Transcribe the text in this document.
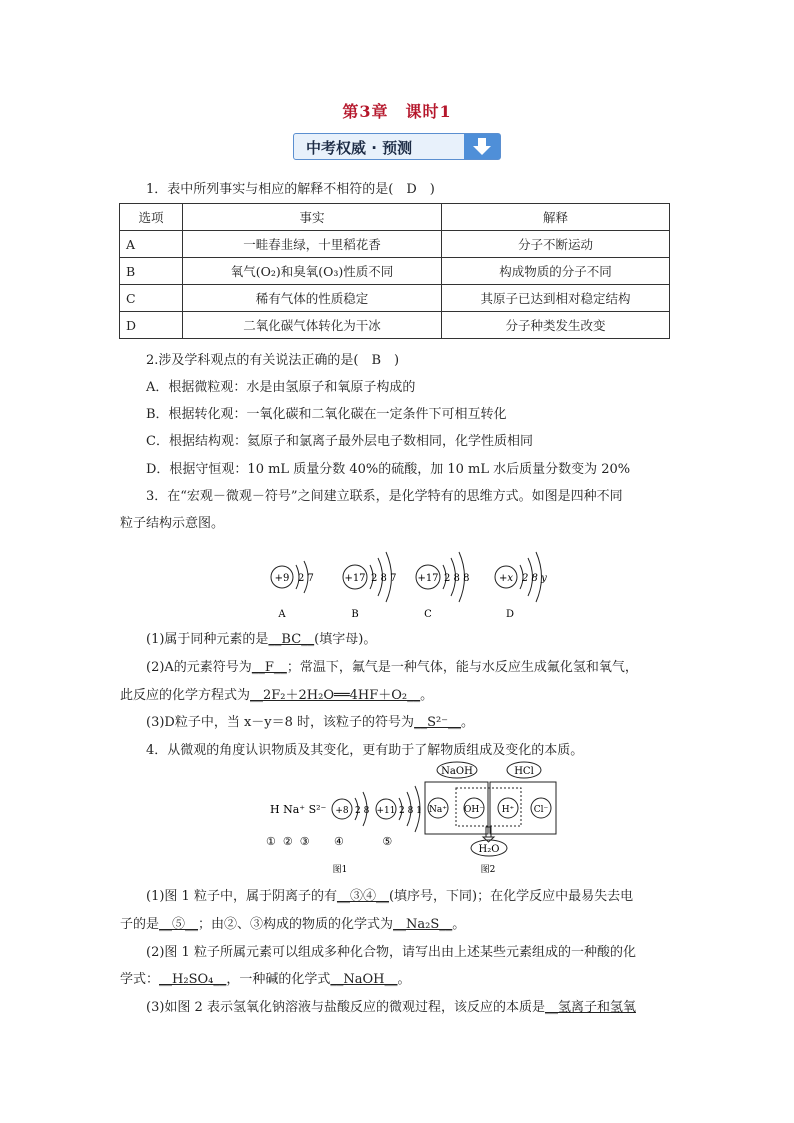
第3章　课时1
中考权威 · 预测
1．表中所列事实与相应的解释不相符的是(　D　)
选项	事实	解释
A	一畦春韭绿，十里稻花香	分子不断运动
B	氧气(O₂)和臭氧(O₃)性质不同	构成物质的分子不同
C	稀有气体的性质稳定	其原子已达到相对稳定结构
D	二氧化碳气体转化为干冰	分子种类发生改变
2.涉及学科观点的有关说法正确的是(　B　)
A．根据微粒观：水是由氢原子和氧原子构成的
B．根据转化观：一氧化碳和二氧化碳在一定条件下可相互转化
C．根据结构观：氦原子和氯离子最外层电子数相同，化学性质相同
D．根据守恒观：10 mL 质量分数 40%的硫酸，加 10 mL 水后质量分数变为 20%
3．在“宏观－微观－符号”之间建立联系，是化学特有的思维方式。如图是四种不同
粒子结构示意图。
+9 2 7
A
+17 2 8 7
B
+17 2 8 8
C
+x 2 8 y
D
(1)属于同种元素的是__BC__(填字母)。
(2)A的元素符号为__F__；常温下，氟气是一种气体，能与水反应生成氟化氢和氧气，
此反应的化学方程式为__2F₂＋2H₂O══4HF＋O₂__。
(3)D粒子中，当 x－y＝8 时，该粒子的符号为__S²⁻__。
4．从微观的角度认识物质及其变化，更有助于了解物质组成及变化的本质。
H Na⁺ S²⁻ +8 2 8 +11 2 8 1
①  ②  ③       ④           ⑤
图1
NaOH	HCl
Na⁺ OH⁻ H⁺ Cl⁻
H₂O
图2
(1)图 1 粒子中，属于阴离子的有__③④__(填序号，下同)；在化学反应中最易失去电
子的是__⑤__；由②、③构成的物质的化学式为__Na₂S__。
(2)图 1 粒子所属元素可以组成多种化合物，请写出由上述某些元素组成的一种酸的化
学式：__H₂SO₄__，一种碱的化学式__NaOH__。
(3)如图 2 表示氢氧化钠溶液与盐酸反应的微观过程，该反应的本质是__氢离子和氢氧
